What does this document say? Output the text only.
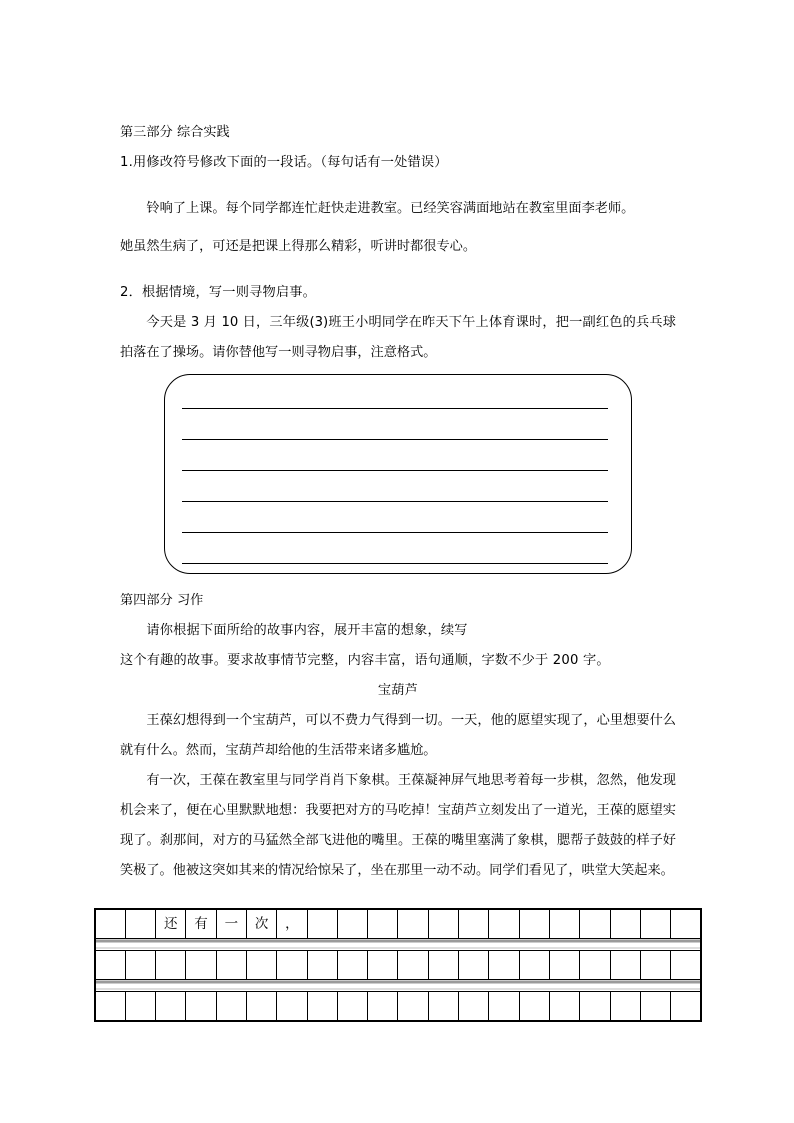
第三部分 综合实践
1.用修改符号修改下面的一段话。（每句话有一处错误）
铃响了上课。每个同学都连忙赶快走进教室。已经笑容满面地站在教室里面李老师。
她虽然生病了，可还是把课上得那么精彩，听讲时都很专心。
2．根据情境，写一则寻物启事。
今天是 3 月 10 日，三年级(3)班王小明同学在昨天下午上体育课时，把一副红色的兵乓球拍落在了操场。请你替他写一则寻物启事，注意格式。
第四部分 习作
请你根据下面所给的故事内容，展开丰富的想象，续写
这个有趣的故事。要求故事情节完整，内容丰富，语句通顺，字数不少于 200 字。
宝葫芦
王葆幻想得到一个宝葫芦，可以不费力气得到一切。一天，他的愿望实现了，心里想要什么就有什么。然而，宝葫芦却给他的生活带来诸多尴尬。
有一次，王葆在教室里与同学肖肖下象棋。王葆凝神屏气地思考着每一步棋，忽然，他发现机会来了，便在心里默默地想：我要把对方的马吃掉！宝葫芦立刻发出了一道光，王葆的愿望实现了。刹那间，对方的马猛然全部飞进他的嘴里。王葆的嘴里塞满了象棋，腮帮子鼓鼓的样子好笑极了。他被这突如其来的情况给惊呆了，坐在那里一动不动。同学们看见了，哄堂大笑起来。
		还	有	一	次	，													
